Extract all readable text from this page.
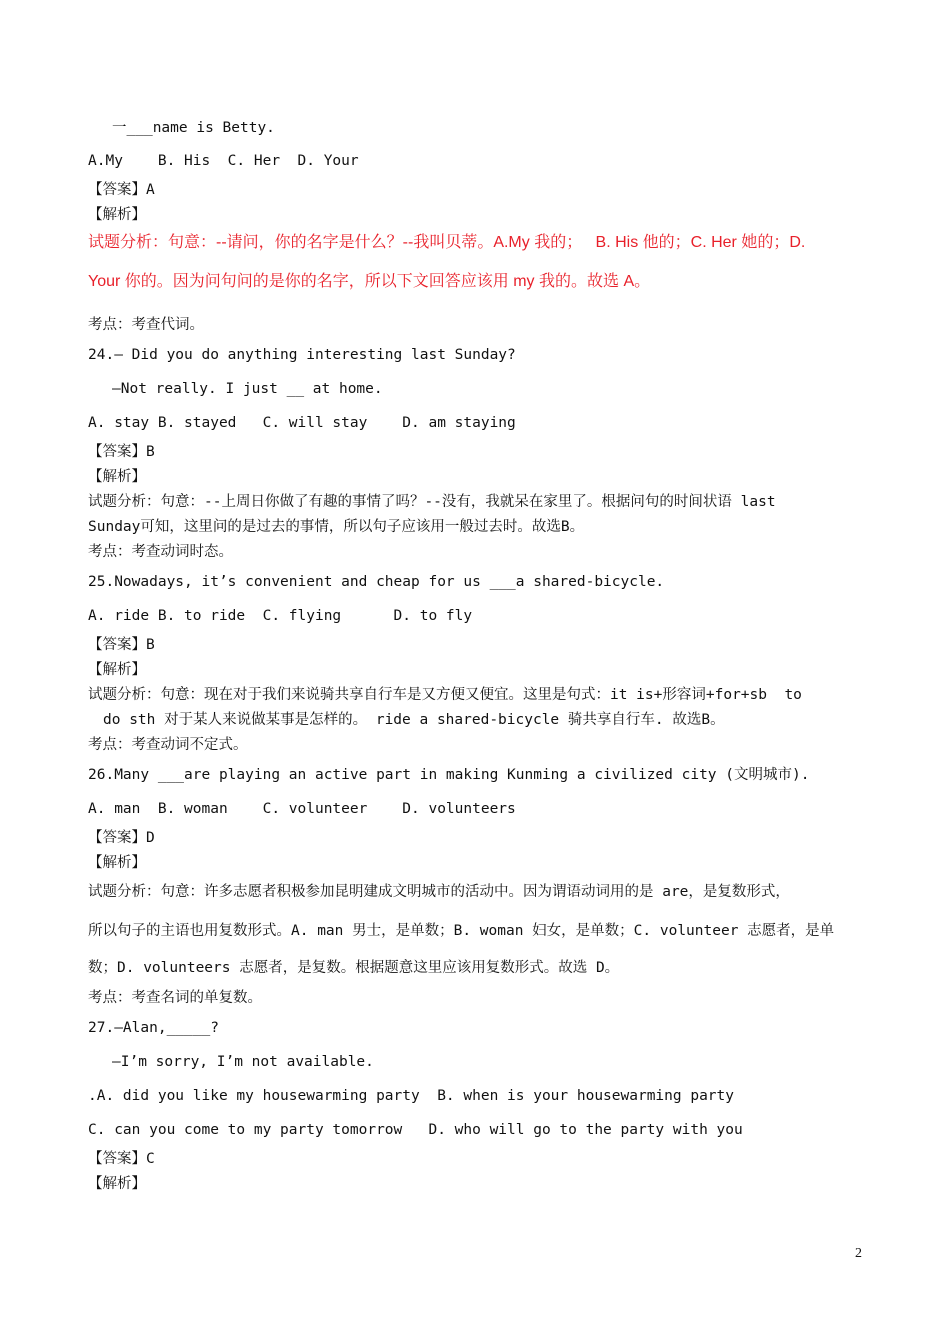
一___name is Betty.
A.My    B. His  C. Her  D. Your
【答案】A
【解析】
试题分析：句意：--请问，你的名字是什么？--我叫贝蒂。A.My 我的；   B. His 他的；C. Her 她的；D.
Your 你的。因为问句问的是你的名字，所以下文回答应该用 my 我的。故选 A。
考点：考查代词。
24.— Did you do anything interesting last Sunday?
—Not really. I just __ at home.
A. stay B. stayed   C. will stay    D. am staying
【答案】B
【解析】
试题分析：句意：--上周日你做了有趣的事情了吗？--没有，我就呆在家里了。根据问句的时间状语 last
Sunday可知，这里问的是过去的事情，所以句子应该用一般过去时。故选B。
考点：考查动词时态。
25.Nowadays, it’s convenient and cheap for us ___a shared-bicycle.
A. ride B. to ride  C. flying      D. to fly
【答案】B
【解析】
试题分析：句意：现在对于我们来说骑共享自行车是又方便又便宜。这里是句式：it is+形容词+for+sb  to
do sth 对于某人来说做某事是怎样的。 ride a shared-bicycle 骑共享自行车. 故选B。
考点：考查动词不定式。
26.Many ___are playing an active part in making Kunming a civilized city (文明城市).
A. man  B. woman    C. volunteer    D. volunteers
【答案】D
【解析】
试题分析：句意：许多志愿者积极参加昆明建成文明城市的活动中。因为谓语动词用的是 are，是复数形式，
所以句子的主语也用复数形式。A. man 男士，是单数；B. woman 妇女，是单数；C. volunteer 志愿者，是单
数；D. volunteers 志愿者，是复数。根据题意这里应该用复数形式。故选 D。
考点：考查名词的单复数。
27.—Alan,_____?
—I’m sorry, I’m not available.
.A. did you like my housewarming party  B. when is your housewarming party
C. can you come to my party tomorrow   D. who will go to the party with you
【答案】C
【解析】
2
